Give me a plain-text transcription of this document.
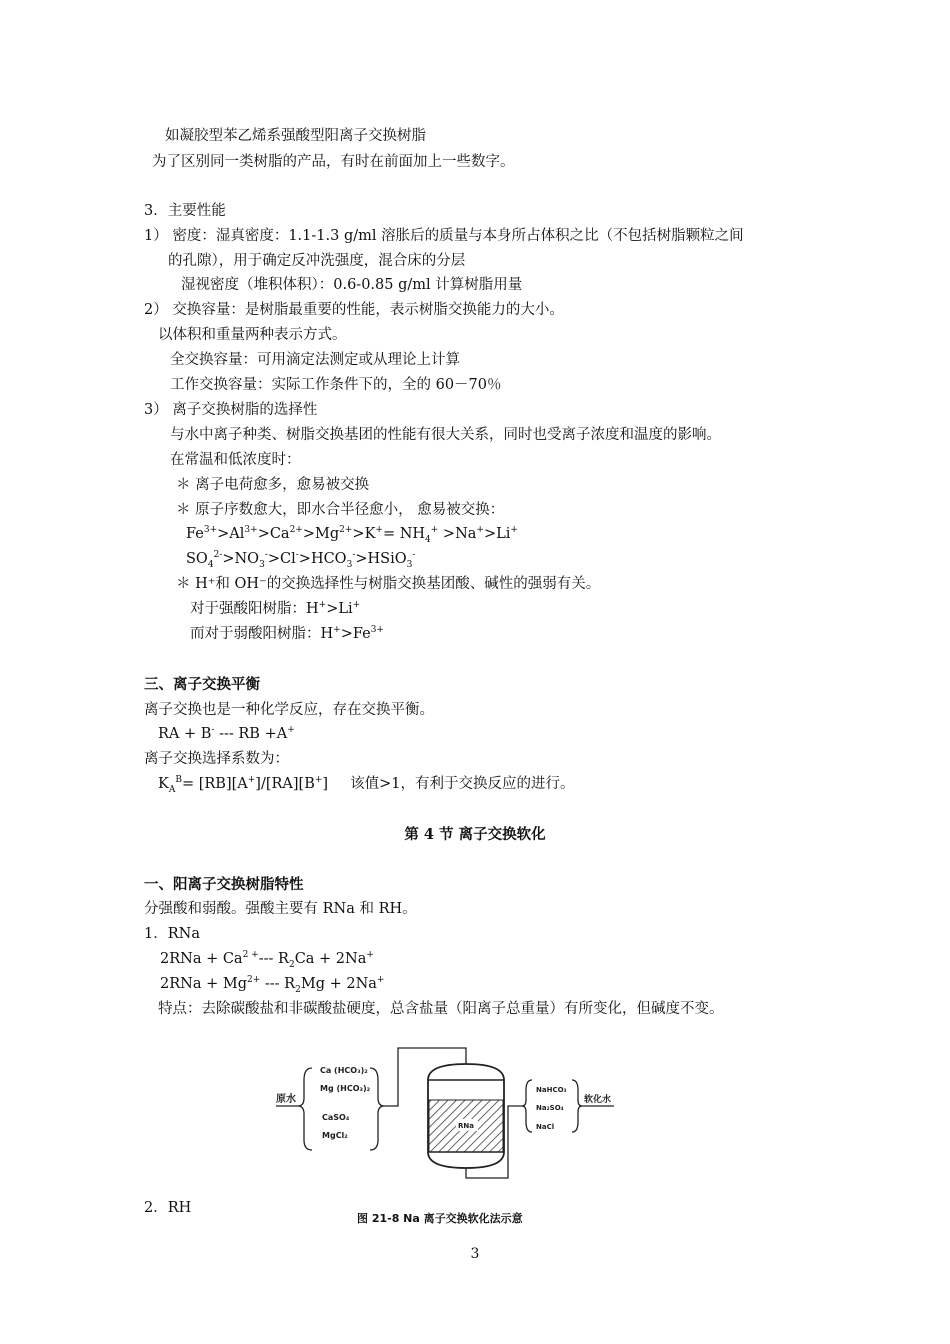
如凝胶型苯乙烯系强酸型阳离子交换树脂
为了区别同一类树脂的产品，有时在前面加上一些数字。
3．主要性能
1） 密度：湿真密度：1.1-1.3 g/ml 溶胀后的质量与本身所占体积之比（不包括树脂颗粒之间
的孔隙），用于确定反冲洗强度，混合床的分层
湿视密度（堆积体积）：0.6-0.85 g/ml 计算树脂用量
2） 交换容量：是树脂最重要的性能，表示树脂交换能力的大小。
以体积和重量两种表示方式。
全交换容量：可用滴定法测定或从理论上计算
工作交换容量：实际工作条件下的，全的 60－70％
3） 离子交换树脂的选择性
与水中离子种类、树脂交换基团的性能有很大关系，同时也受离子浓度和温度的影响。
在常温和低浓度时：
＊ 离子电荷愈多，愈易被交换
＊ 原子序数愈大，即水合半径愈小， 愈易被交换：
$Fe^{3+}>Al^{3+}>Ca^{2+}>Mg^{2+}>K^+= NH_4^+ >Na^+>Li^+$
$SO_4^{2-}>NO_3^->Cl^->HCO_3^->HSiO_3^-$
＊ H⁺和 OH⁻的交换选择性与树脂交换基团酸、碱性的强弱有关。
对于强酸阳树脂：H+>Li+
而对于弱酸阳树脂：$H^+>Fe^{3+}$
三、离子交换平衡
离子交换也是一种化学反应，存在交换平衡。
RA + B- --- RB +A+
离子交换选择系数为：
$K_A^B= [RB][A^+]/[RA][B^+]$ 该值>1，有利于交换反应的进行。
第 4 节 离子交换软化
一、阳离子交换树脂特性
分强酸和弱酸。强酸主要有 RNa 和 RH。
1．RNa
$2RNa + Ca^{2 +}---$ $R_2Ca + 2Na^+$
$2RNa + Mg^{2+}$ --- $R_2Mg + 2Na^+$
特点：去除碳酸盐和非碳酸盐硬度，总含盐量（阳离子总重量）有所变化，但碱度不变。
原水
Ca (HCO₃)₂
Mg (HCO₃)₂
CaSO₄
MgCl₂
RNa
NaHCO₃
Na₂SO₄
NaCl
软化水
2．RH
图 21-8 Na 离子交换软化法示意
3
